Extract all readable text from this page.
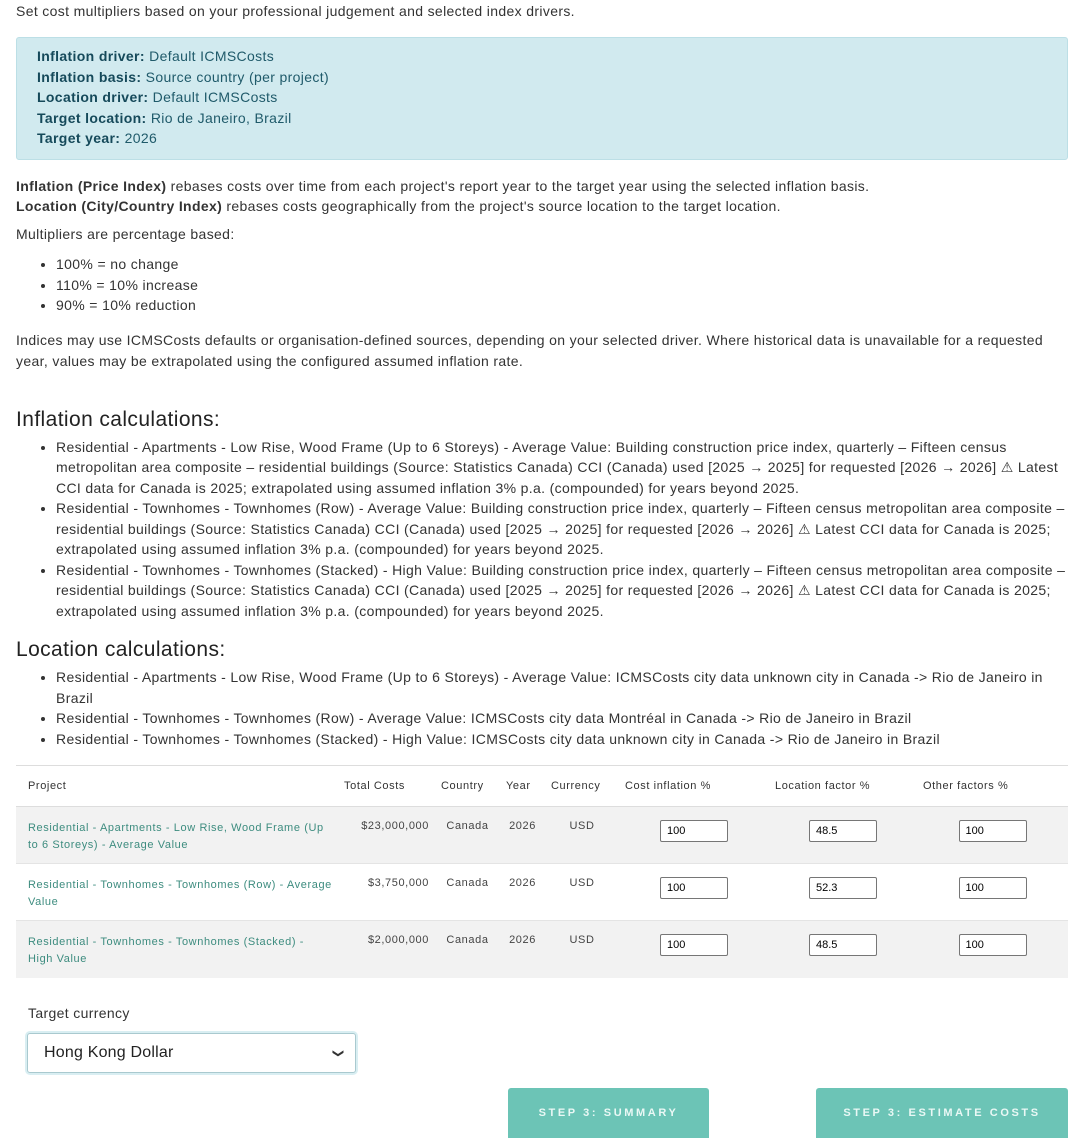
Set cost multipliers based on your professional judgement and selected index drivers.

Inflation driver: Default ICMSCosts
Inflation basis: Source country (per project)
Location driver: Default ICMSCosts
Target location: Rio de Janeiro, Brazil
Target year: 2026

Inflation (Price Index) rebases costs over time from each project's report year to the target year using the selected inflation basis.

Location (City/Country Index) rebases costs geographically from the project's source location to the target location.

Multipliers are percentage based:

• 100% = no change
• 110% = 10% increase
• 90% = 10% reduction

Indices may use ICMSCosts defaults or organisation-defined sources, depending on your selected driver. Where historical data is unavailable for a requested year, values may be extrapolated using the configured assumed inflation rate.

Inflation calculations:
• Residential - Apartments - Low Rise, Wood Frame (Up to 6 Storeys) - Average Value: Building construction price index, quarterly – Fifteen census metropolitan area composite – residential buildings (Source: Statistics Canada) CCI (Canada) used [2025 → 2025] for requested [2026 → 2026] ⚠ Latest CCI data for Canada is 2025; extrapolated using assumed inflation 3% p.a. (compounded) for years beyond 2025.
• Residential - Townhomes - Townhomes (Row) - Average Value: Building construction price index, quarterly – Fifteen census metropolitan area composite – residential buildings (Source: Statistics Canada) CCI (Canada) used [2025 → 2025] for requested [2026 → 2026] ⚠ Latest CCI data for Canada is 2025; extrapolated using assumed inflation 3% p.a. (compounded) for years beyond 2025.
• Residential - Townhomes - Townhomes (Stacked) - High Value: Building construction price index, quarterly – Fifteen census metropolitan area composite – residential buildings (Source: Statistics Canada) CCI (Canada) used [2025 → 2025] for requested [2026 → 2026] ⚠ Latest CCI data for Canada is 2025; extrapolated using assumed inflation 3% p.a. (compounded) for years beyond 2025.
Location calculations:
• Residential - Apartments - Low Rise, Wood Frame (Up to 6 Storeys) - Average Value: ICMSCosts city data unknown city in Canada -> Rio de Janeiro in Brazil
• Residential - Townhomes - Townhomes (Row) - Average Value: ICMSCosts city data Montréal in Canada -> Rio de Janeiro in Brazil
• Residential - Townhomes - Townhomes (Stacked) - High Value: ICMSCosts city data unknown city in Canada -> Rio de Janeiro in Brazil
Project	Total Costs	Country	Year	Currency	Cost inflation %	Location factor %	Other factors %

Residential - Apartments - Low Rise, Wood Frame (Up to 6 Storeys) - Average Value	$23,000,000	Canada	2026	USD	100	48.5	100

Residential - Townhomes - Townhomes (Row) - Average Value	$3,750,000	Canada	2026	USD	100	52.3	100

Residential - Townhomes - Townhomes (Stacked) - High Value	$2,000,000	Canada	2026	USD	100	48.5	100
Target currency
Hong Kong Dollar	❯
STEP 3: SUMMARY	STEP 3: ESTIMATE COSTS
